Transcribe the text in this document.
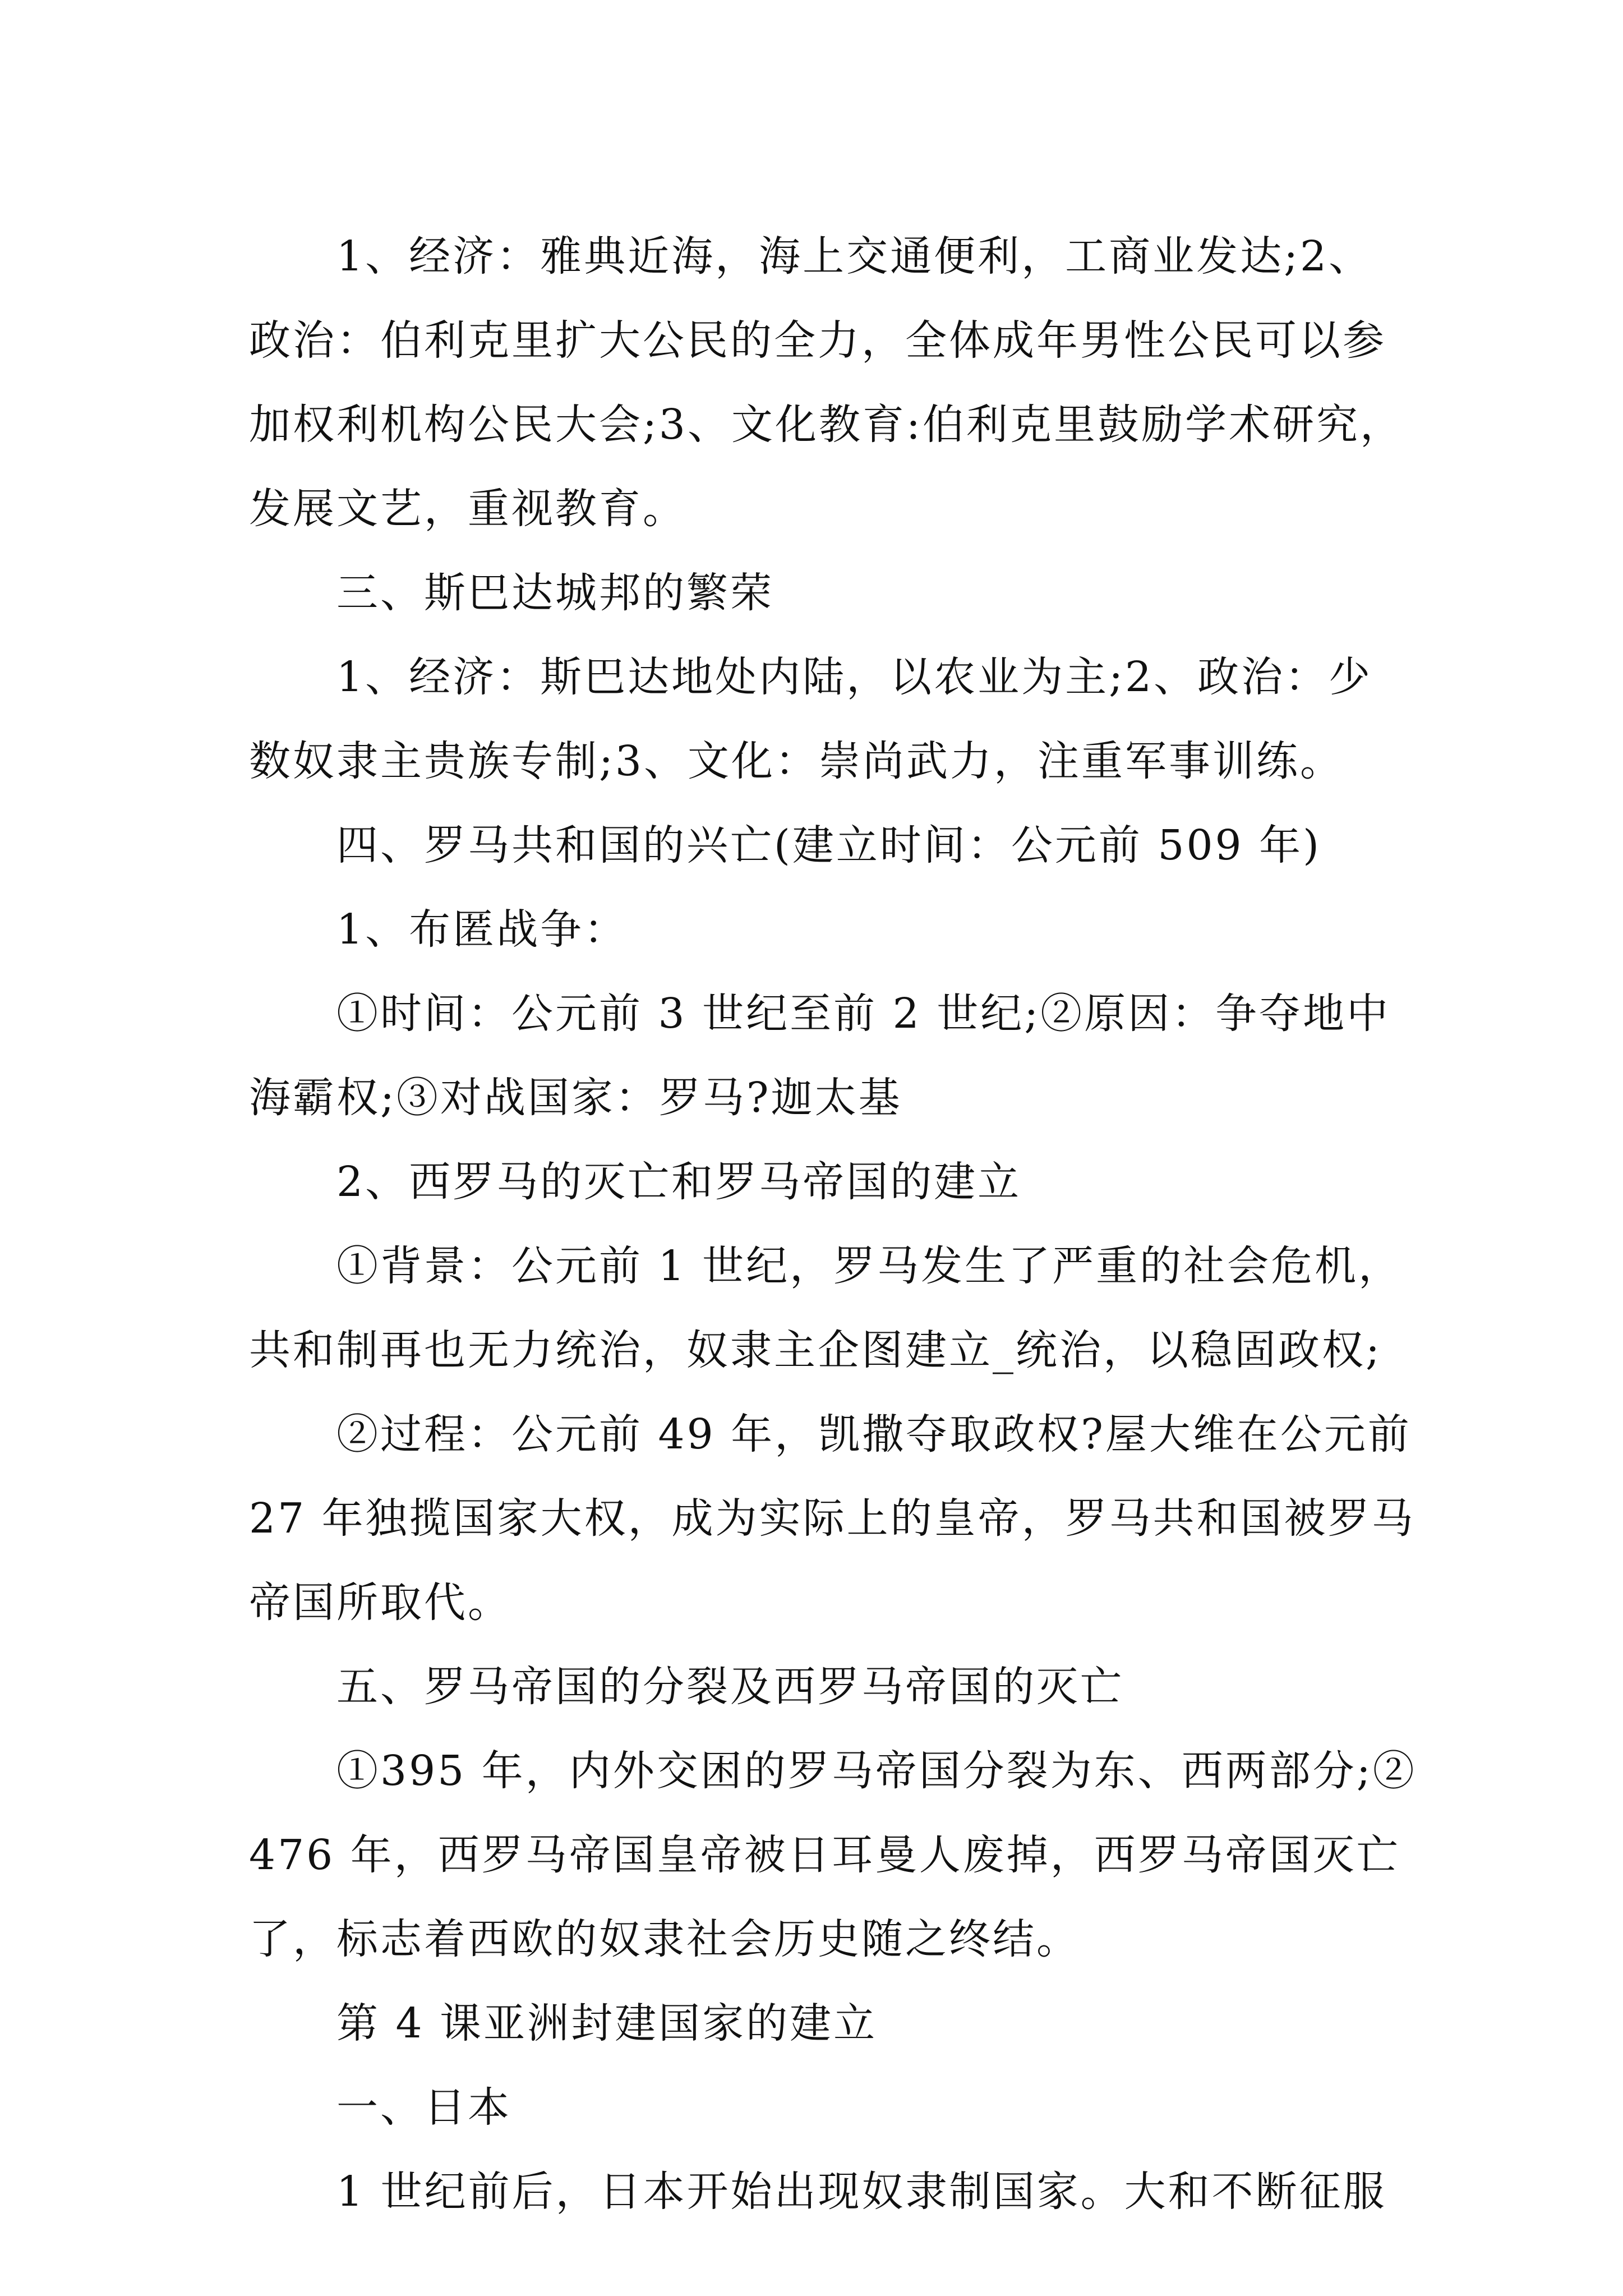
1、经济：雅典近海，海上交通便利，工商业发达;2、
政治：伯利克里扩大公民的全力，全体成年男性公民可以参
加权利机构公民大会;3、文化教育:伯利克里鼓励学术研究，
发展文艺，重视教育。
三、斯巴达城邦的繁荣
1、经济：斯巴达地处内陆，以农业为主;2、政治：少
数奴隶主贵族专制;3、文化：崇尚武力，注重军事训练。
四、罗马共和国的兴亡(建立时间：公元前 509 年)
1、布匿战争：
①时间：公元前 3 世纪至前 2 世纪;②原因：争夺地中
海霸权;③对战国家：罗马?迦太基
2、西罗马的灭亡和罗马帝国的建立
①背景：公元前 1 世纪，罗马发生了严重的社会危机，
共和制再也无力统治，奴隶主企图建立_统治，以稳固政权;
②过程：公元前 49 年，凯撒夺取政权?屋大维在公元前
27 年独揽国家大权，成为实际上的皇帝，罗马共和国被罗马
帝国所取代。
五、罗马帝国的分裂及西罗马帝国的灭亡
①395 年，内外交困的罗马帝国分裂为东、西两部分;②
476 年，西罗马帝国皇帝被日耳曼人废掉，西罗马帝国灭亡
了，标志着西欧的奴隶社会历史随之终结。
第 4 课亚洲封建国家的建立
一、日本
1 世纪前后，日本开始出现奴隶制国家。大和不断征服
